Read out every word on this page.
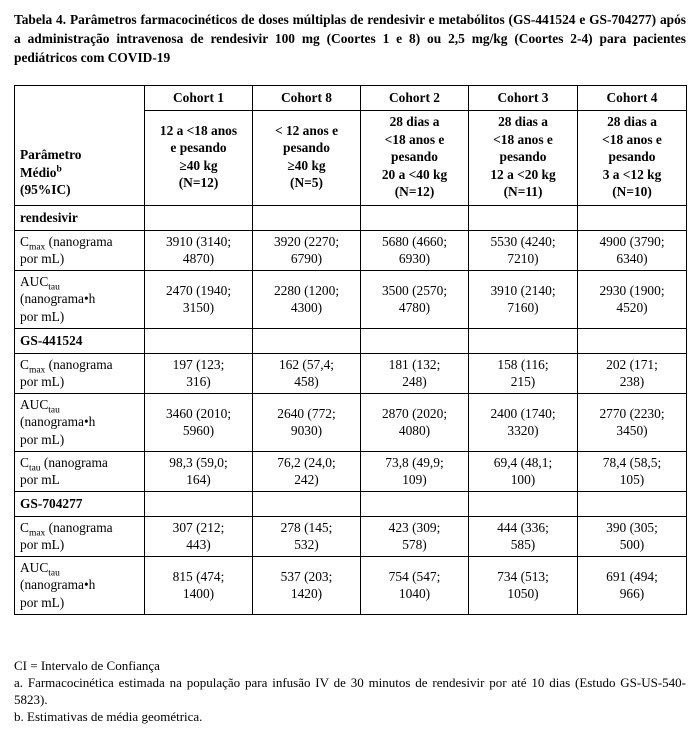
Tabela 4. Parâmetros farmacocinéticos de doses múltiplas de rendesivir e metabólitos (GS-441524 e GS-704277) após a administração intravenosa de rendesivir 100 mg (Coortes 1 e 8) ou 2,5 mg/kg (Coortes 2-4) para pacientes pediátricos com COVID-19
Parâmetro
Médio$^b$
(95%IC)	Cohort 1	Cohort 8	Cohort 2	Cohort 3	Cohort 4
	12 a <18 anos
e pesando
≥40 kg
(N=12)	< 12 anos e
pesando
≥40 kg
(N=5)	28 dias a
<18 anos e
pesando
20 a <40 kg
(N=12)	28 dias a
<18 anos e
pesando
12 a <20 kg
(N=11)	28 dias a
<18 anos e
pesando
3 a <12 kg
(N=10)
rendesivir					
$C_{max}$ (nanograma
por mL)	3910 (3140;
4870)	3920 (2270;
6790)	5680 (4660;
6930)	5530 (4240;
7210)	4900 (3790;
6340)
$AUC_{tau}$
(nanograma•h
por mL)	2470 (1940;
3150)	2280 (1200;
4300)	3500 (2570;
4780)	3910 (2140;
7160)	2930 (1900;
4520)
GS-441524					
$C_{max}$ (nanograma
por mL)	197 (123;
316)	162 (57,4;
458)	181 (132;
248)	158 (116;
215)	202 (171;
238)
$AUC_{tau}$
(nanograma•h
por mL)	3460 (2010;
5960)	2640 (772;
9030)	2870 (2020;
4080)	2400 (1740;
3320)	2770 (2230;
3450)
$C_{tau}$ (nanograma
por mL	98,3 (59,0;
164)	76,2 (24,0;
242)	73,8 (49,9;
109)	69,4 (48,1;
100)	78,4 (58,5;
105)
GS-704277					
$C_{max}$ (nanograma
por mL)	307 (212;
443)	278 (145;
532)	423 (309;
578)	444 (336;
585)	390 (305;
500)
$AUC_{tau}$
(nanograma•h
por mL)	815 (474;
1400)	537 (203;
1420)	754 (547;
1040)	734 (513;
1050)	691 (494;
966)
CI = Intervalo de Confiança
a. Farmacocinética estimada na população para infusão IV de 30 minutos de rendesivir por até 10 dias (Estudo GS-US-540-5823).
b. Estimativas de média geométrica.
